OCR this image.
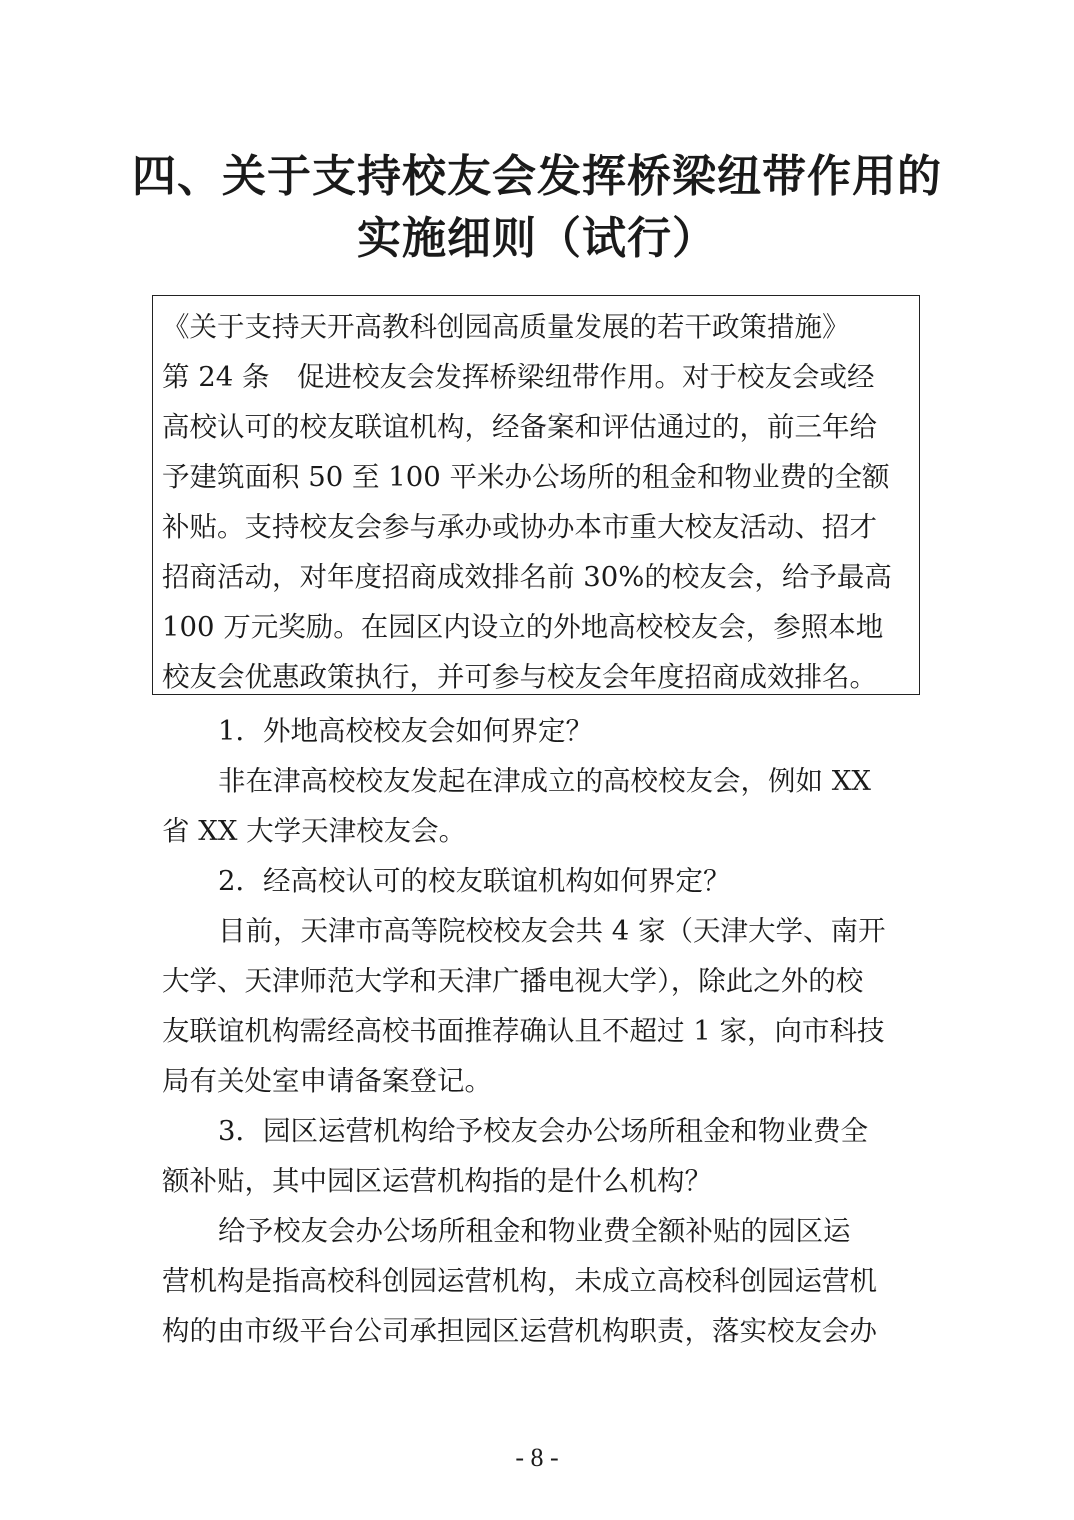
四、关于支持校友会发挥桥梁纽带作用的
实施细则（试行）
《关于支持天开高教科创园高质量发展的若干政策措施》
第 24 条　促进校友会发挥桥梁纽带作用。对于校友会或经
高校认可的校友联谊机构，经备案和评估通过的，前三年给
予建筑面积 50 至 100 平米办公场所的租金和物业费的全额
补贴。支持校友会参与承办或协办本市重大校友活动、招才
招商活动，对年度招商成效排名前 30%的校友会，给予最高
100 万元奖励。在园区内设立的外地高校校友会，参照本地
校友会优惠政策执行，并可参与校友会年度招商成效排名。
1．外地高校校友会如何界定？
非在津高校校友发起在津成立的高校校友会，例如 XX
省 XX 大学天津校友会。
2．经高校认可的校友联谊机构如何界定？
目前，天津市高等院校校友会共 4 家（天津大学、南开
大学、天津师范大学和天津广播电视大学），除此之外的校
友联谊机构需经高校书面推荐确认且不超过 1 家，向市科技
局有关处室申请备案登记。
3．园区运营机构给予校友会办公场所租金和物业费全
额补贴，其中园区运营机构指的是什么机构？
给予校友会办公场所租金和物业费全额补贴的园区运
营机构是指高校科创园运营机构，未成立高校科创园运营机
构的由市级平台公司承担园区运营机构职责，落实校友会办
- 8 -
